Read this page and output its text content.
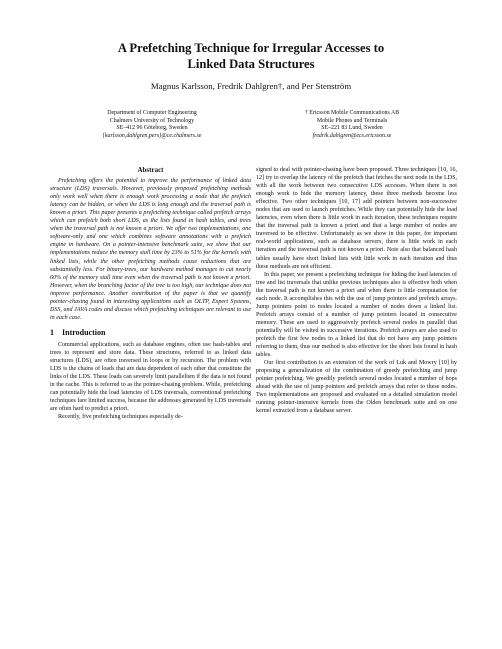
A Prefetching Technique for Irregular Accesses to
Linked Data Structures
Magnus Karlsson, Fredrik Dahlgren†, and Per Stenström
Department of Computer Engineering
Chalmers University of Technology
SE–412 96 Göteborg, Sweden
{karlsson,dahlgren,pers}@ce.chalmers.se
† Ericsson Mobile Communications AB
Mobile Phones and Terminals
SE–221 83 Lund, Sweden
fredrik.dahlgren@ecs.ericsson.se

Abstract

Prefetching offers the potential to improve the performance of linked data structure (LDS) traversals. However, previously proposed prefetching methods only work well when there is enough work processing a node that the prefetch latency can be hidden, or when the LDS is long enough and the traversal path is known a priori. This paper presents a prefetching technique called prefetch arrays which can prefetch both short LDS, as the lists found in hash tables, and trees when the traversal path is not known a priori. We offer two implementations, one software-only and one which combines software annotations with a prefetch engine in hardware. On a pointer-intensive benchmark suite, we show that our implementations reduce the memory stall time by 23% to 51% for the kernels with linked lists, while the other prefetching methods cause reductions that are substantially less. For binary-trees, our hardware method manages to cut nearly 60% of the memory stall time even when the traversal path is not known a priori. However, when the branching factor of the tree is too high, our technique does not improve performance. Another contribution of the paper is that we quantify pointer-chasing found in interesting applications such as OLTP, Expert Systems, DSS, and JAVA codes and discuss which prefetching techniques are relevant to use in each case.

1 Introduction

Commercial applications, such as database engines, often use hash-tables and trees to represent and store data. These structures, referred to as linked data structures (LDS), are often traversed in loops or by recursion. The problem with LDS is the chains of loads that are data dependent of each other that constitute the links of the LDS. These loads can severely limit parallelism if the data is not found in the cache. This is referred to as the pointer-chasing problem. While, prefetching can potentially hide the load latencies of LDS traversals, conventional prefetching techniques fare limited success, because the addresses generated by LDS traversals are often hard to predict a priori.

Recently, five prefetching techniques especially de-

signed to deal with pointer-chasing have been proposed. Three techniques [10, 16, 12] try to overlap the latency of the prefetch that fetches the next node in the LDS, with all the work between two consecutive LDS accesses. When there is not enough work to hide the memory latency, these three methods become less effective. Two other techniques [10, 17] add pointers between non-successive nodes that are used to launch prefetches. While they can potentially hide the load latencies, even when there is little work in each iteration, these techniques require that the traversal path is known a priori and that a large number of nodes are traversed to be effective. Unfortunately as we show in this paper, for important real-world applications, such as database servers, there is little work in each iteration and the traversal path is not known a priori. Note also that balanced hash tables usually have short linked lists with little work in each iteration and thus these methods are not efficient.

In this paper, we present a prefetching technique for hiding the load latencies of tree and list traversals that unlike previous techniques also is effective both when the traversal path is not known a priori and when there is little computation for each node. It accomplishes this with the use of jump pointers and prefetch arrays. Jump pointers point to nodes located a number of nodes down a linked list. Prefetch arrays consist of a number of jump pointers located in consecutive memory. These are used to aggressively prefetch several nodes in parallel that potentially will be visited in successive iterations. Prefetch arrays are also used to prefetch the first few nodes in a linked list that do not have any jump pointers referring to them, thus our method is also effective for the short lists found in hash tables.

Our first contribution is an extension of the work of Luk and Mowry [10] by proposing a generalization of the combination of greedy prefetching and jump pointer prefetching. We greedily prefetch several nodes located a number of hops ahead with the use of jump pointers and prefetch arrays that refer to these nodes. Two implementations are proposed and evaluated on a detailed simulation model running pointer-intensive kernels from the Olden benchmark suite and on one kernel extracted from a database server.
